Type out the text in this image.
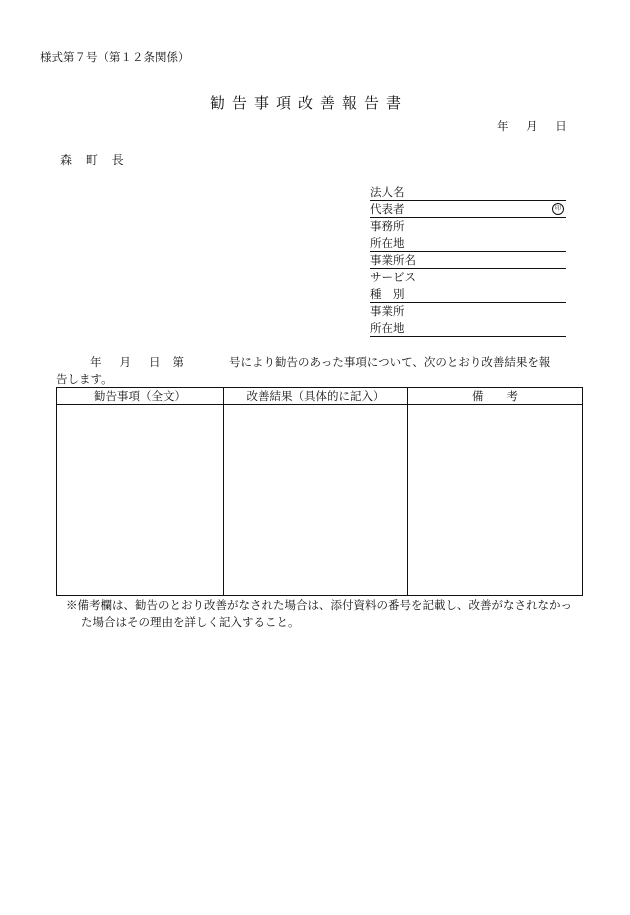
様式第７号（第１２条関係）
勧告事項改善報告書
年 月 日
森 町 長
法人名
代表者	印
事務所
所在地
事業所名
サービス
種　別
事業所
所在地
年 月 日 第	号により勧告のあった事項について、次のとおり改善結果を報
告します。
勧告事項（全文）	改善結果（具体的に記入）	備　　考

※備考欄は、勧告のとおり改善がなされた場合は、添付資料の番号を記載し、改善がなされなかっ
た場合はその理由を詳しく記入すること。
